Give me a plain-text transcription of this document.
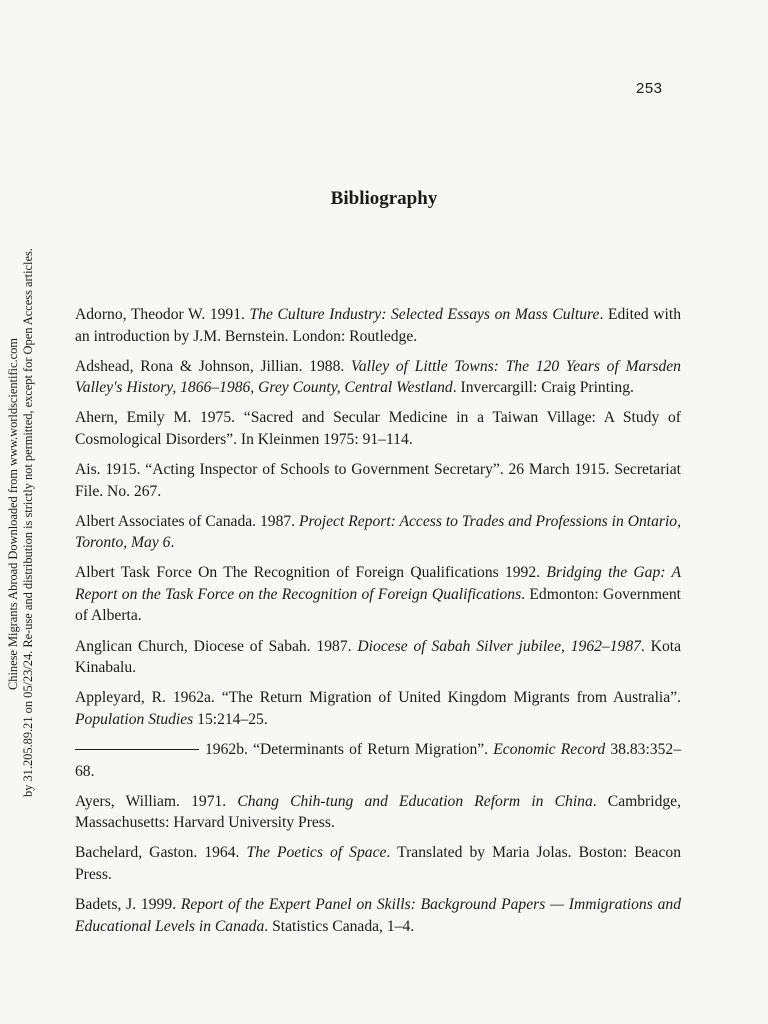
253
Chinese Migrants Abroad Downloaded from www.worldscientific.com by 31.205.89.21 on 05/23/24. Re-use and distribution is strictly not permitted, except for Open Access articles.
Bibliography

Adorno, Theodor W. 1991. The Culture Industry: Selected Essays on Mass Culture. Edited with an introduction by J.M. Bernstein. London: Routledge.

Adshead, Rona & Johnson, Jillian. 1988. Valley of Little Towns: The 120 Years of Marsden Valley's History, 1866–1986, Grey County, Central Westland. Invercargill: Craig Printing.

Ahern, Emily M. 1975. “Sacred and Secular Medicine in a Taiwan Village: A Study of Cosmological Disorders”. In Kleinmen 1975: 91–114.

Ais. 1915. “Acting Inspector of Schools to Government Secretary”. 26 March 1915. Secretariat File. No. 267.

Albert Associates of Canada. 1987. Project Report: Access to Trades and Professions in Ontario, Toronto, May 6.

Albert Task Force On The Recognition of Foreign Qualifications 1992. Bridging the Gap: A Report on the Task Force on the Recognition of Foreign Qualifications. Edmonton: Government of Alberta.

Anglican Church, Diocese of Sabah. 1987. Diocese of Sabah Silver jubilee, 1962–1987. Kota Kinabalu.

Appleyard, R. 1962a. “The Return Migration of United Kingdom Migrants from Australia”. Population Studies 15:214–25.

1962b. “Determinants of Return Migration”. Economic Record 38.83:352–68.

Ayers, William. 1971. Chang Chih-tung and Education Reform in China. Cambridge, Massachusetts: Harvard University Press.

Bachelard, Gaston. 1964. The Poetics of Space. Translated by Maria Jolas. Boston: Beacon Press.

Badets, J. 1999. Report of the Expert Panel on Skills: Background Papers — Immigrations and Educational Levels in Canada. Statistics Canada, 1–4.
